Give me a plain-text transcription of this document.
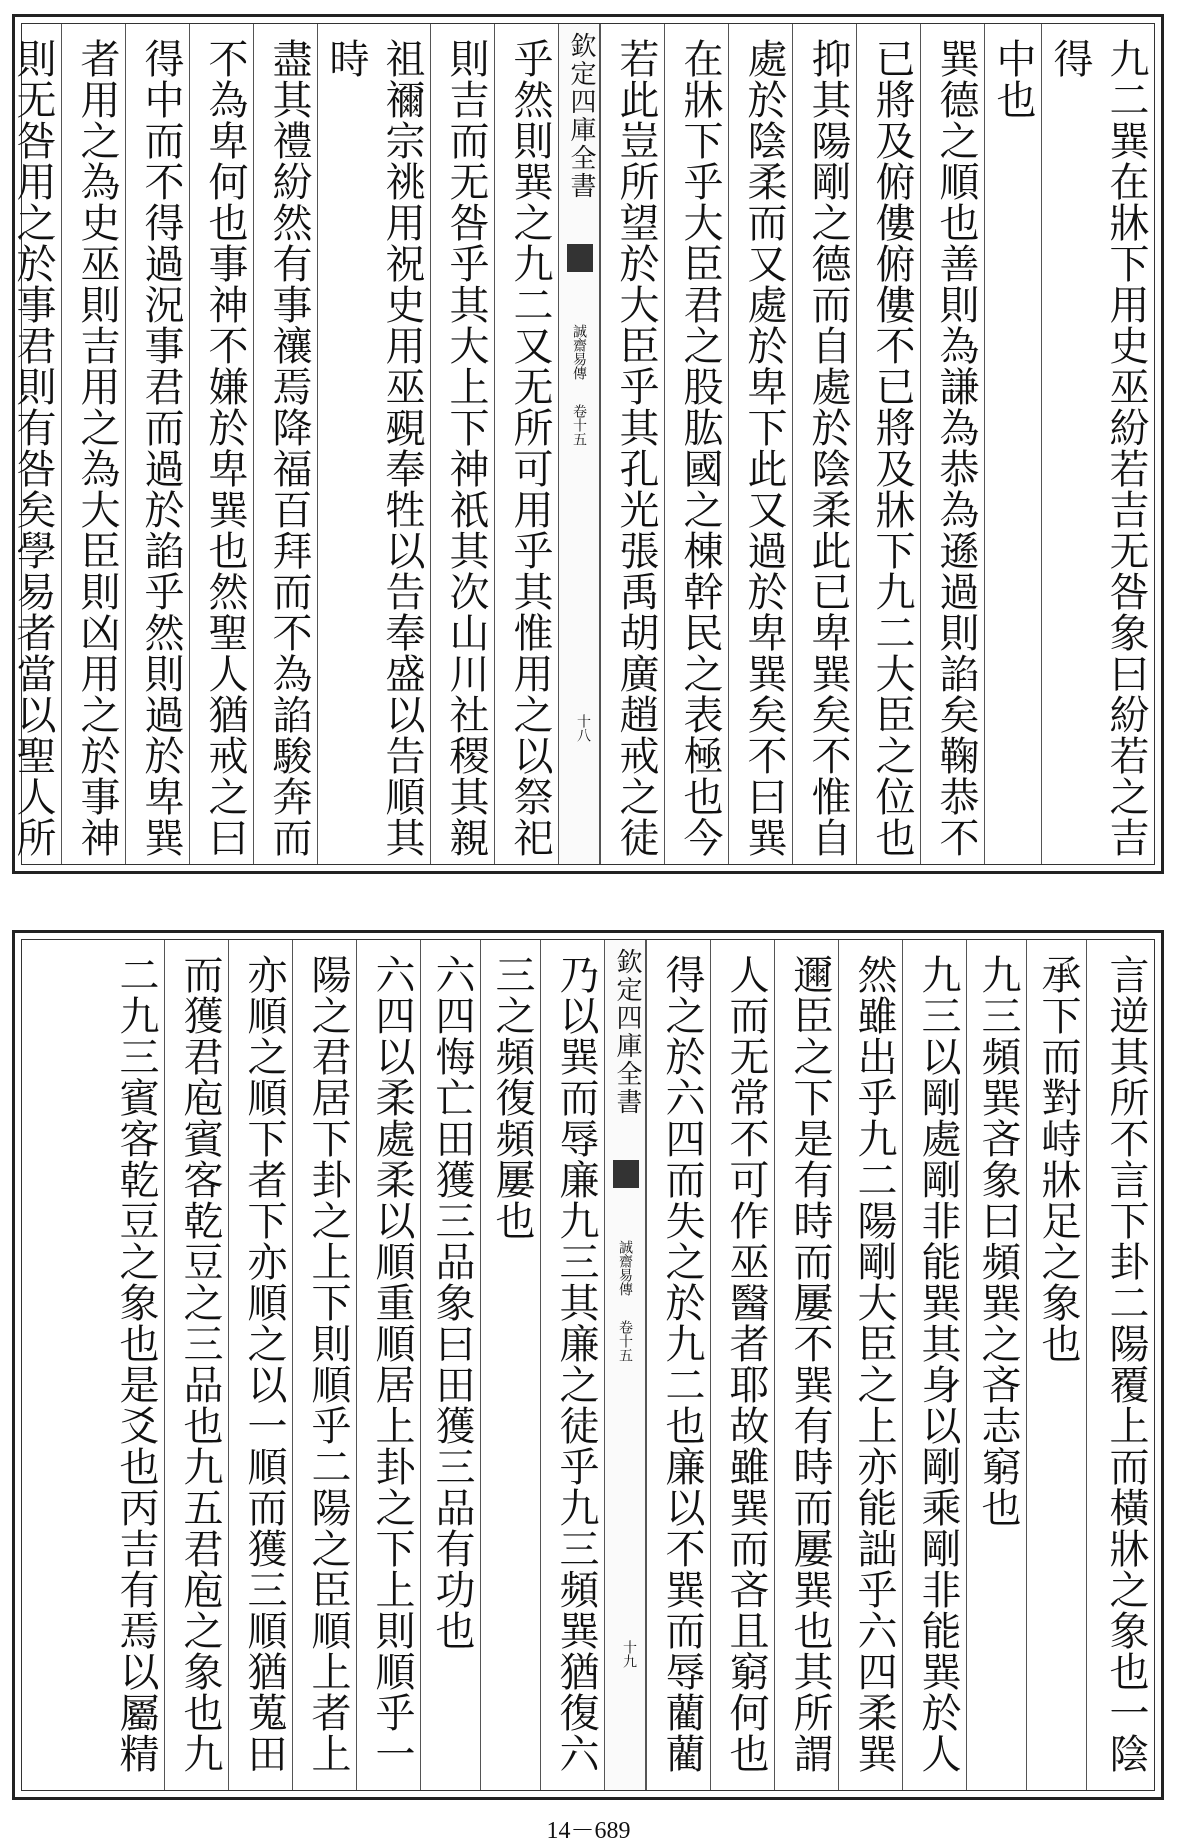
九二巽在牀下用史巫紛若吉无咎象曰紛若之吉得
中也
巽德之順也善則為謙為恭為遜過則諂矣鞠恭不
已將及俯僂俯僂不已將及牀下九二大臣之位也
抑其陽剛之德而自處於陰柔此已卑巽矣不惟自
處於陰柔而又處於卑下此又過於卑巽矣不曰巽
在牀下乎大臣君之股肱國之棟幹民之表極也今
若此豈所望於大臣乎其孔光張禹胡廣趙戒之徒
欽定四庫全書
誠齋易傳
卷十五
十八
乎然則巽之九二又无所可用乎其惟用之以祭祀
則吉而无咎乎其大上下神祇其次山川社稷其親
祖禰宗祧用祝史用巫覡奉牲以告奉盛以告順其時
盡其禮紛然有事禳焉降福百拜而不為諂駿奔而
不為卑何也事神不嫌於卑巽也然聖人猶戒之曰
得中而不得過況事君而過於諂乎然則過於卑巽
者用之為史巫則吉用之為大臣則凶用之於事神
則无咎用之於事君則有咎矣學易者當以聖人所
言逆其所不言下卦二陽覆上而橫牀之象也一陰
承下而對峙牀足之象也
九三頻巽吝象曰頻巽之吝志窮也
九三以剛處剛非能巽其身以剛乘剛非能巽於人
然雖出乎九二陽剛大臣之上亦能詘乎六四柔巽
邇臣之下是有時而屢不巽有時而屢巽也其所謂
人而无常不可作巫醫者耶故雖巽而吝且窮何也
得之於六四而失之於九二也廉以不巽而辱藺藺
欽定四庫全書
誠齋易傳
卷十五
十九
乃以巽而辱廉九三其廉之徒乎九三頻巽猶復六
三之頻復頻屢也
六四悔亡田獲三品象曰田獲三品有功也
六四以柔處柔以順重順居上卦之下上則順乎一
陽之君居下卦之上下則順乎二陽之臣順上者上
亦順之順下者下亦順之以一順而獲三順猶蒐田
而獲君庖賓客乾豆之三品也九五君庖之象也九
二九三賓客乾豆之象也是爻也丙吉有焉以屬精
14－689
